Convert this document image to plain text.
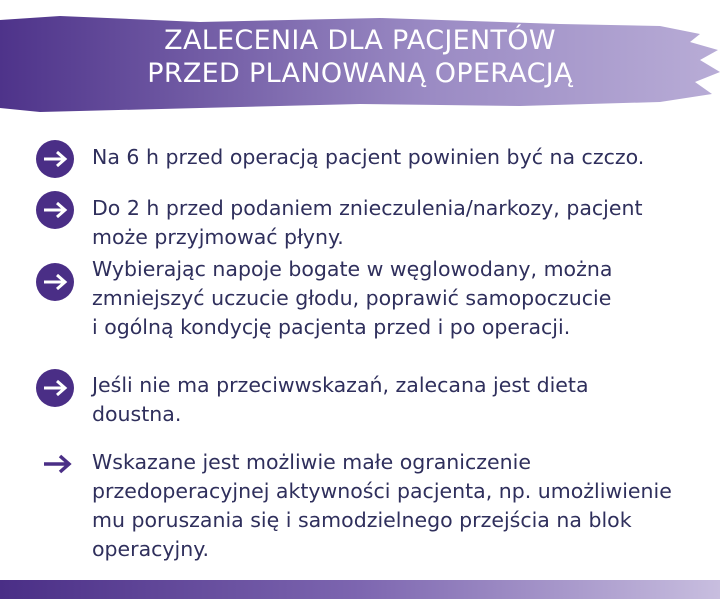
ZALECENIA DLA PACJENTÓW
PRZED PLANOWANĄ OPERACJĄ
Na 6 h przed operacją pacjent powinien być na czczo.
Do 2 h przed podaniem znieczulenia/narkozy, pacjent
może przyjmować płyny.
Wybierając napoje bogate w węglowodany, można
zmniejszyć uczucie głodu, poprawić samopoczucie
i ogólną kondycję pacjenta przed i po operacji.
Jeśli nie ma przeciwwskazań, zalecana jest dieta
doustna.
Wskazane jest możliwie małe ograniczenie
przedoperacyjnej aktywności pacjenta, np. umożliwienie
mu poruszania się i samodzielnego przejścia na blok
operacyjny.
